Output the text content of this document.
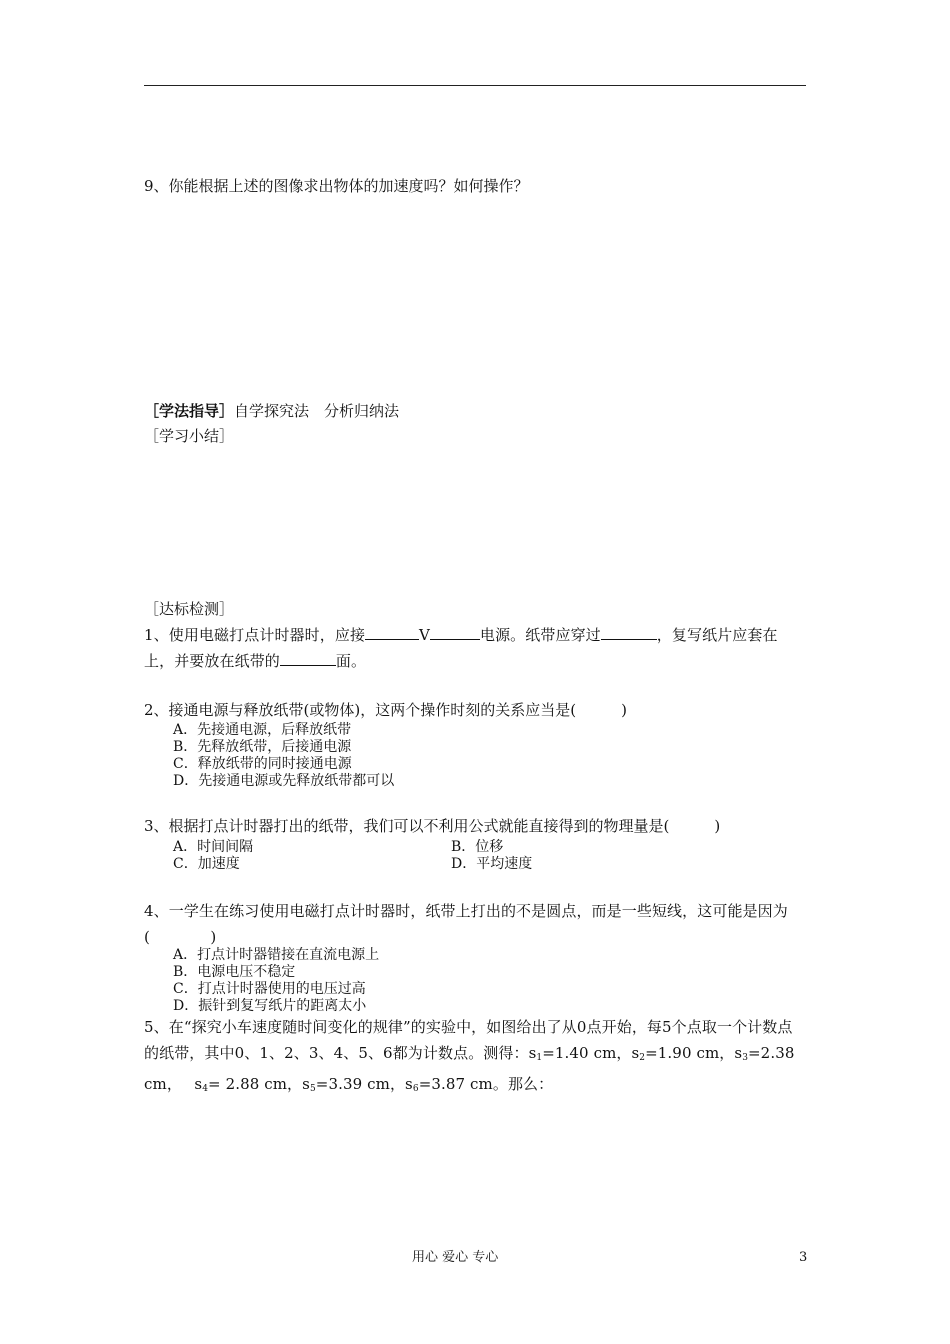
9、你能根据上述的图像求出物体的加速度吗？如何操作？
［学法指导］自学探究法　分析归纳法
［学习小结］
［达标检测］
1、使用电磁打点计时器时，应接	V	电源。纸带应穿过	，复写纸片应套在上，并要放在纸带的	面。
2、接通电源与释放纸带(或物体)，这两个操作时刻的关系应当是(　　　)
A．先接通电源，后释放纸带
B．先释放纸带，后接通电源
C．释放纸带的同时接通电源
D．先接通电源或先释放纸带都可以
3、根据打点计时器打出的纸带，我们可以不利用公式就能直接得到的物理量是(　　　)
A．时间间隔	B．位移
C．加速度	D．平均速度
4、一学生在练习使用电磁打点计时器时，纸带上打出的不是圆点，而是一些短线，这可能是因为(　　　　)
A．打点计时器错接在直流电源上
B．电源电压不稳定
C．打点计时器使用的电压过高
D．振针到复写纸片的距离太小
5、在“探究小车速度随时间变化的规律”的实验中，如图给出了从0点开始，每5个点取一个计数点的纸带，其中0、1、2、3、4、5、6都为计数点。测得：$s_1=1.40$ cm，$s_2=1.90$ cm，$s_3=2.38$ cm，　 $s_4= 2.88$ cm，$s_5=3.39$ cm，$s_6=3.87$ cm。那么：
用心 爱心 专心	3
